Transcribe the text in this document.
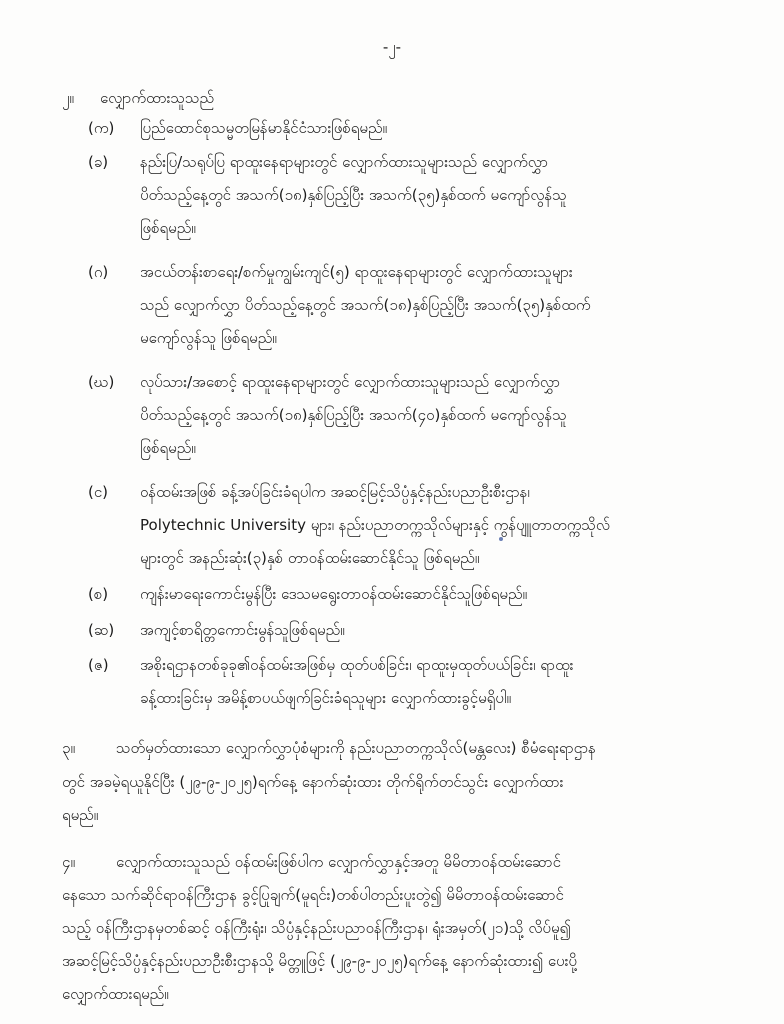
-၂-
၂။ လျှောက်ထားသူသည်
(က) ပြည်ထောင်စုသမ္မတမြန်မာနိုင်ငံသားဖြစ်ရမည်။
(ခ) နည်းပြ/သရုပ်ပြ ရာထူးနေရာများတွင် လျှောက်ထားသူများသည် လျှောက်လွှာ
ပိတ်သည့်နေ့တွင် အသက်(၁၈)နှစ်ပြည့်ပြီး အသက်(၃၅)နှစ်ထက် မကျော်လွန်သူ
ဖြစ်ရမည်။
(ဂ) အငယ်တန်းစာရေး/စက်မှုကျွမ်းကျင်(၅) ရာထူးနေရာများတွင် လျှောက်ထားသူများ
သည် လျှောက်လွှာ ပိတ်သည့်နေ့တွင် အသက်(၁၈)နှစ်ပြည့်ပြီး အသက်(၃၅)နှစ်ထက်
မကျော်လွန်သူ ဖြစ်ရမည်။
(ဃ) လုပ်သား/အစောင့် ရာထူးနေရာများတွင် လျှောက်ထားသူများသည် လျှောက်လွှာ
ပိတ်သည့်နေ့တွင် အသက်(၁၈)နှစ်ပြည့်ပြီး အသက်(၄၀)နှစ်ထက် မကျော်လွန်သူ
ဖြစ်ရမည်။
(င) ဝန်ထမ်းအဖြစ် ခန့်အပ်ခြင်းခံရပါက အဆင့်မြင့်သိပ္ပံနှင့်နည်းပညာဦးစီးဌာန၊
Polytechnic University များ၊ နည်းပညာတက္ကသိုလ်များနှင့် ကွန်ပျူတာတက္ကသိုလ်
များတွင် အနည်းဆုံး(၃)နှစ် တာဝန်ထမ်းဆောင်နိုင်သူ ဖြစ်ရမည်။
(စ) ကျန်းမာရေးကောင်းမွန်ပြီး ဒေသမရွေးတာဝန်ထမ်းဆောင်နိုင်သူဖြစ်ရမည်။
(ဆ) အကျင့်စာရိတ္တကောင်းမွန်သူဖြစ်ရမည်။
(ဇ) အစိုးရဌာနတစ်ခုခု၏ဝန်ထမ်းအဖြစ်မှ ထုတ်ပစ်ခြင်း၊ ရာထူးမှထုတ်ပယ်ခြင်း၊ ရာထူး
ခန့်ထားခြင်းမှ အမိန့်စာပယ်ဖျက်ခြင်းခံရသူများ လျှောက်ထားခွင့်မရှိပါ။
၃။	သတ်မှတ်ထားသော လျှောက်လွှာပုံစံများကို နည်းပညာတက္ကသိုလ်(မန္တလေး) စီမံရေးရာဌာန
တွင် အခမဲ့ရယူနိုင်ပြီး (၂၉-၉-၂၀၂၅)ရက်နေ့ နောက်ဆုံးထား တိုက်ရိုက်တင်သွင်း လျှောက်ထား
ရမည်။
၄။	လျှောက်ထားသူသည် ဝန်ထမ်းဖြစ်ပါက လျှောက်လွှာနှင့်အတူ မိမိတာဝန်ထမ်းဆောင်
နေသော သက်ဆိုင်ရာဝန်ကြီးဌာန ခွင့်ပြုချက်(မူရင်း)တစ်ပါတည်းပူးတွဲ၍ မိမိတာဝန်ထမ်းဆောင်
သည့် ဝန်ကြီးဌာနမှတစ်ဆင့် ဝန်ကြီးရုံး၊ သိပ္ပံနှင့်နည်းပညာဝန်ကြီးဌာန၊ ရုံးအမှတ်(၂၁)သို့ လိပ်မူ၍
အဆင့်မြင့်သိပ္ပံနှင့်နည်းပညာဦးစီးဌာနသို့ မိတ္တူဖြင့် (၂၉-၉-၂၀၂၅)ရက်နေ့ နောက်ဆုံးထား၍ ပေးပို့
လျှောက်ထားရမည်။
